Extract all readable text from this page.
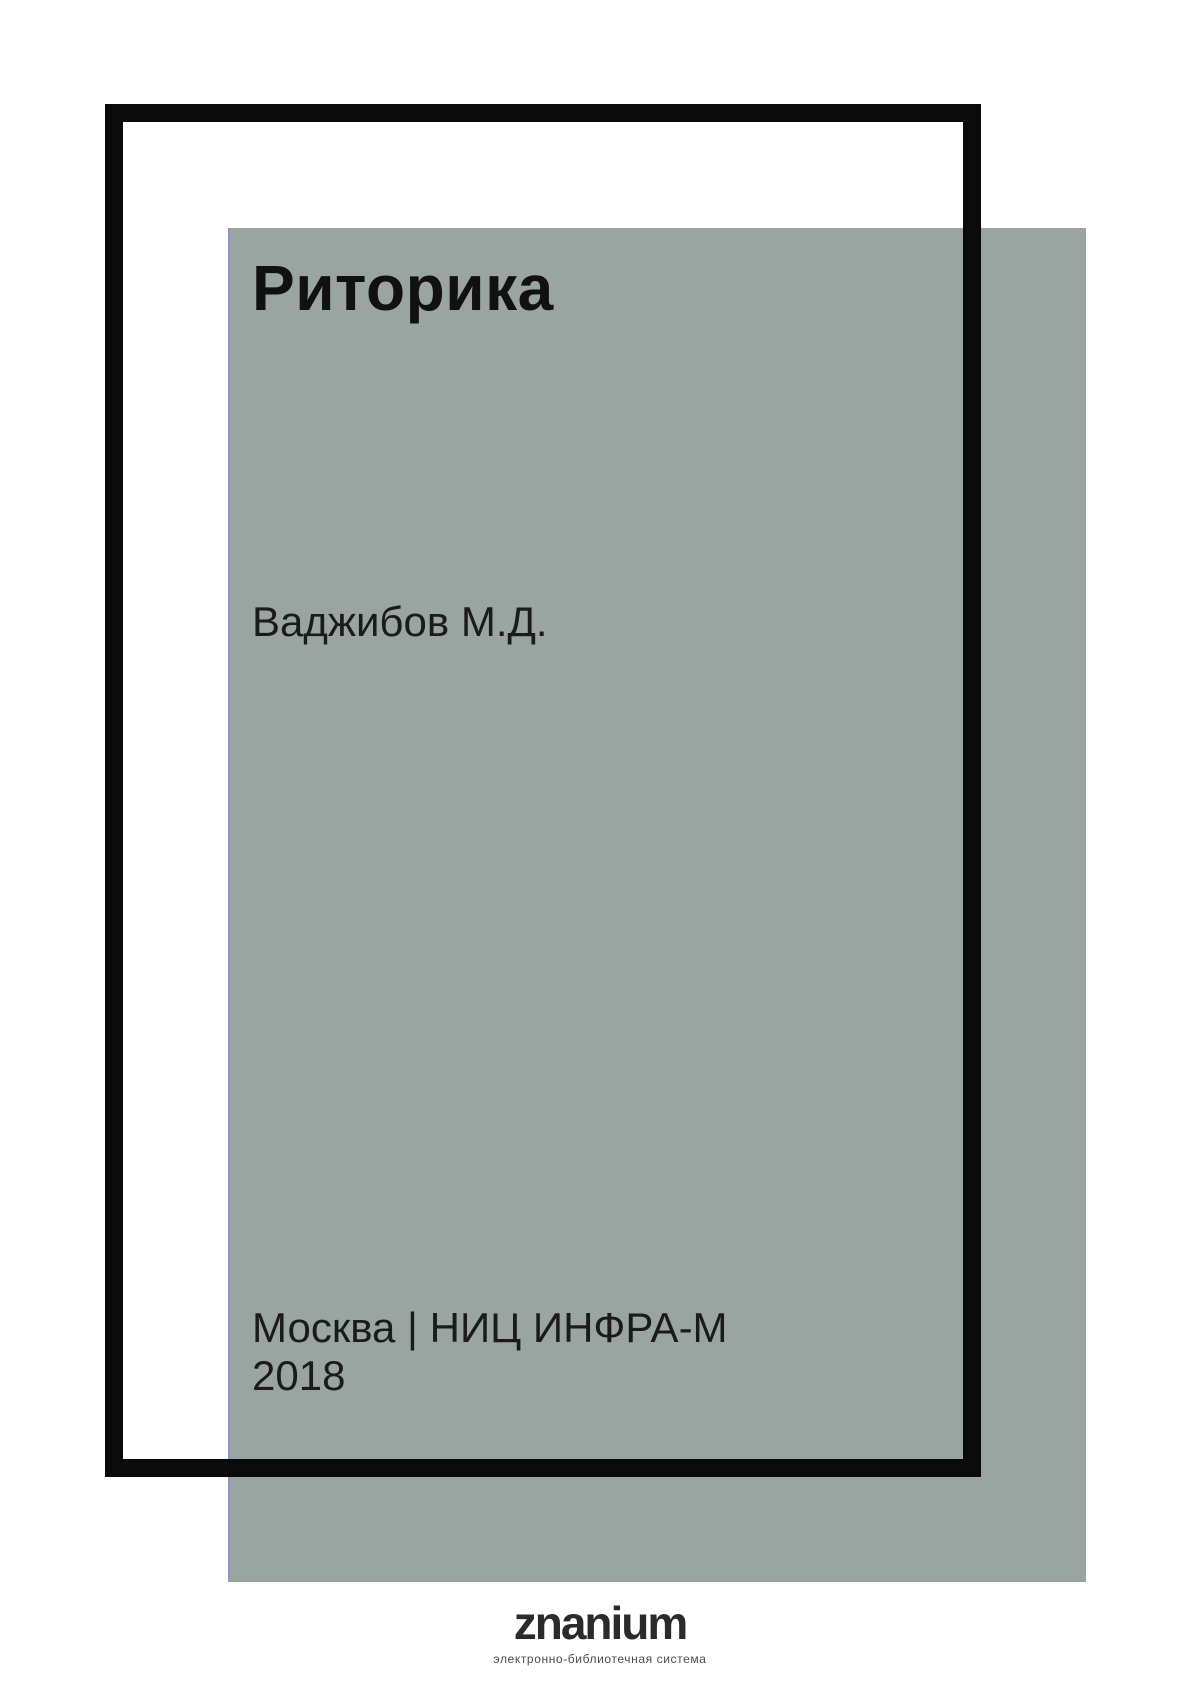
Риторика
Ваджибов М.Д.
Москва | НИЦ ИНФРА-М
2018
znanium
электронно-библиотечная система
